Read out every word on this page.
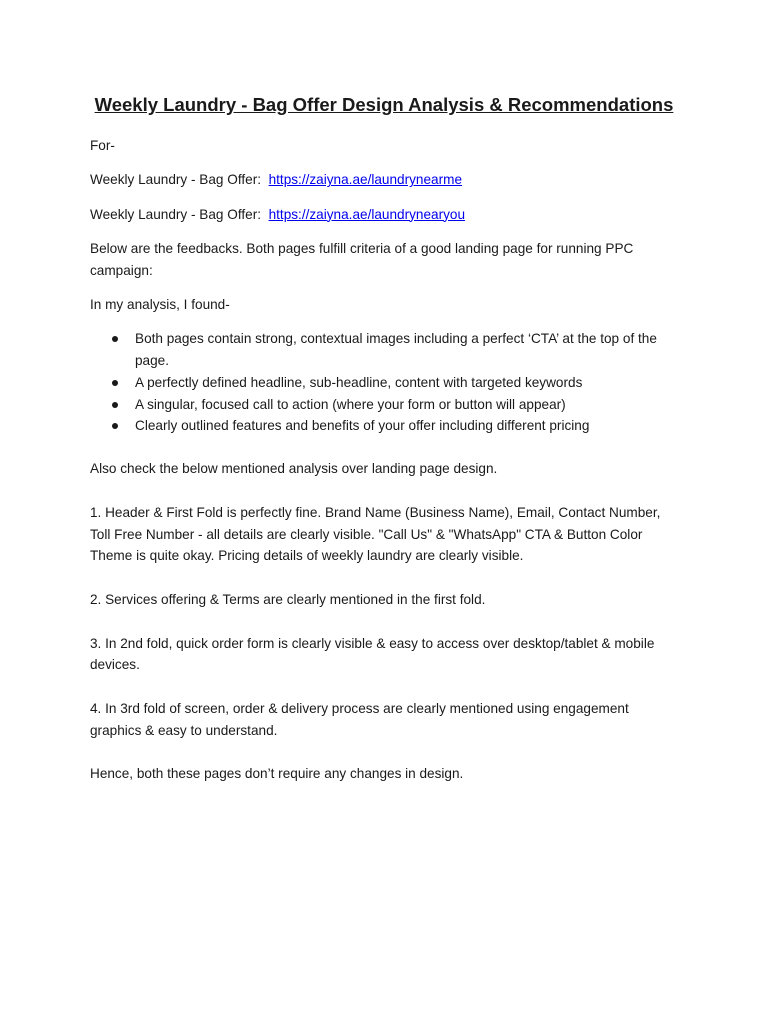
Weekly Laundry - Bag Offer Design Analysis & Recommendations

For-

Weekly Laundry - Bag Offer: https://zaiyna.ae/laundrynearme

Weekly Laundry - Bag Offer: https://zaiyna.ae/laundrynearyou

Below are the feedbacks. Both pages fulfill criteria of a good landing page for running PPC campaign:

In my analysis, I found-

Both pages contain strong, contextual images including a perfect ‘CTA’ at the top of the page.
A perfectly defined headline, sub-headline, content with targeted keywords
A singular, focused call to action (where your form or button will appear)
Clearly outlined features and benefits of your offer including different pricing

Also check the below mentioned analysis over landing page design.

1. Header & First Fold is perfectly fine. Brand Name (Business Name), Email, Contact Number, Toll Free Number - all details are clearly visible. "Call Us" & "WhatsApp" CTA & Button Color Theme is quite okay. Pricing details of weekly laundry are clearly visible.

2. Services offering & Terms are clearly mentioned in the first fold.

3. In 2nd fold, quick order form is clearly visible & easy to access over desktop/tablet & mobile devices.

4. In 3rd fold of screen, order & delivery process are clearly mentioned using engagement graphics & easy to understand.

Hence, both these pages don’t require any changes in design.
